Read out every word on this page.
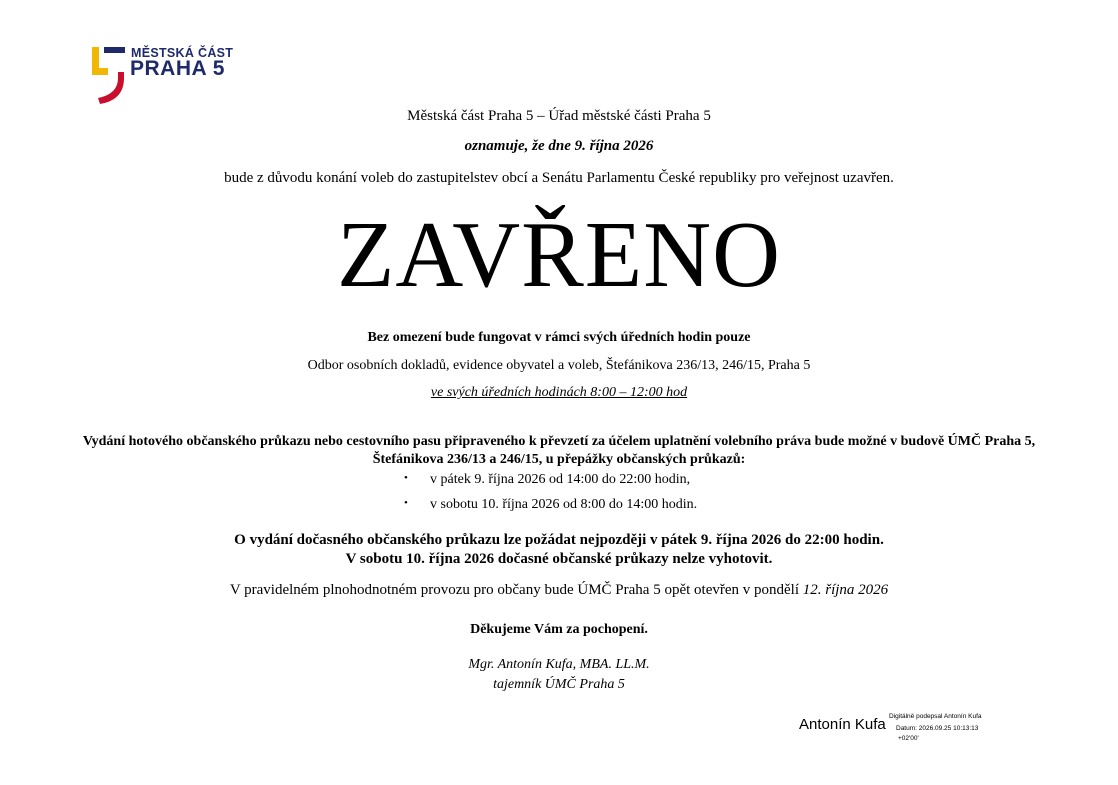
MĚSTSKÁ ČÁST
PRAHA 5
Městská část Praha 5 – Úřad městské části Praha 5
oznamuje, že dne 9. října 2026
bude z důvodu konání voleb do zastupitelstev obcí a Senátu Parlamentu České republiky pro veřejnost uzavřen.
ZAVŘENO
Bez omezení bude fungovat v rámci svých úředních hodin pouze
Odbor osobních dokladů, evidence obyvatel a voleb, Štefánikova 236/13, 246/15, Praha 5
ve svých úředních hodinách 8:00 – 12:00 hod
Vydání hotového občanského průkazu nebo cestovního pasu připraveného k převzetí za účelem uplatnění volebního práva bude možné v budově ÚMČ Praha 5, Štefánikova 236/13 a 246/15, u přepážky občanských průkazů:
• v pátek 9. října 2026 od 14:00 do 22:00 hodin,
• v sobotu 10. října 2026 od 8:00 do 14:00 hodin.
O vydání dočasného občanského průkazu lze požádat nejpozději v pátek 9. října 2026 do 22:00 hodin.
V sobotu 10. října 2026 dočasné občanské průkazy nelze vyhotovit.
V pravidelném plnohodnotném provozu pro občany bude ÚMČ Praha 5 opět otevřen v pondělí 12. října 2026
Děkujeme Vám za pochopení.
Mgr. Antonín Kufa, MBA. LL.M.
tajemník ÚMČ Praha 5
Antonín Kufa Digitálně podepsal Antonín Kufa
Datum: 2026.09.25 10:13:13
+02'00'
